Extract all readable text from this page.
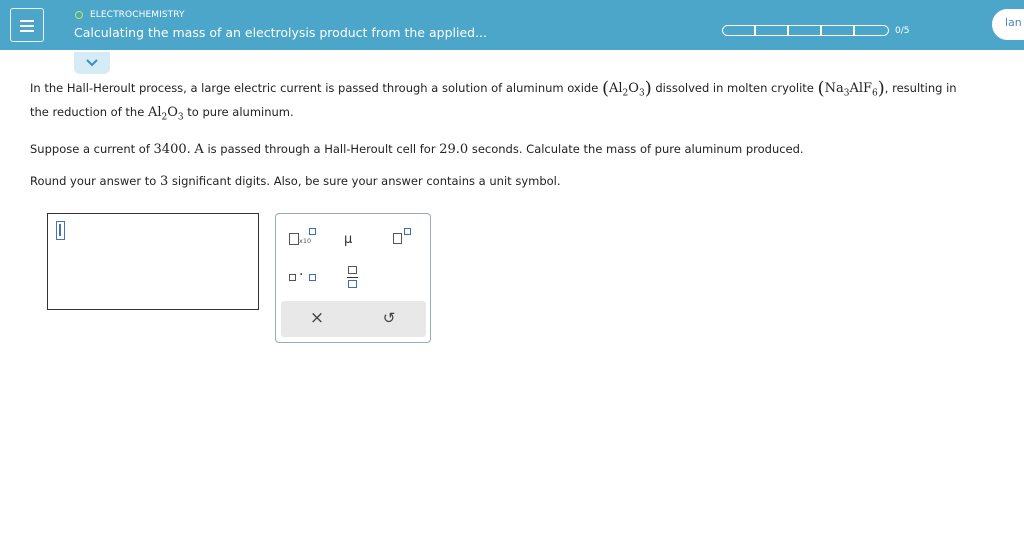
ELECTROCHEMISTRY
Calculating the mass of an electrolysis product from the applied...	0/5
lan
In the Hall-Heroult process, a large electric current is passed through a solution of aluminum oxide $(Al_2O_3)$ dissolved in molten cryolite $(Na_3AlF_6)$, resulting in
the reduction of the $Al_2O_3$ to pure aluminum.
Suppose a current of 3400. A is passed through a Hall-Heroult cell for 29.0 seconds. Calculate the mass of pure aluminum produced.
Round your answer to 3 significant digits. Also, be sure your answer contains a unit symbol.
x10	μ
·
×	↺
